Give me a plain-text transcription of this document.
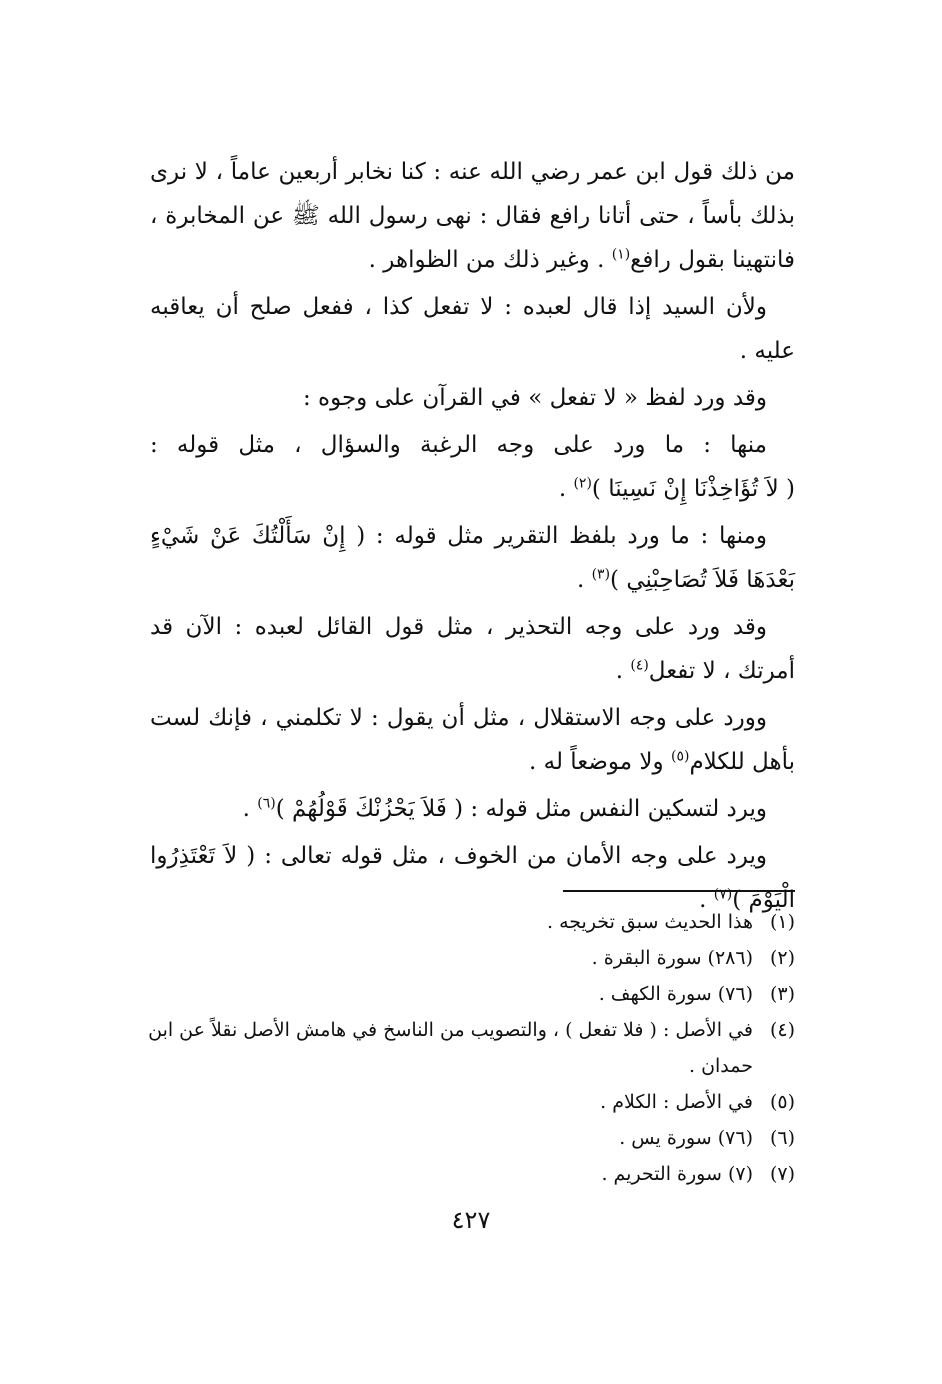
من ذلك قول ابن عمر رضي الله عنه : كنا نخابر أربعين عاماً ، لا نرى بذلك بأساً ، حتى أتانا رافع فقال : نهى رسول الله ﷺ عن المخابرة ، فانتهينا بقول رافع$^{(١)}$ . وغير ذلك من الظواهر .

ولأن السيد إذا قال لعبده : لا تفعل كذا ، ففعل صلح أن يعاقبه عليه .

وقد ورد لفظ « لا تفعل » في القرآن على وجوه :

منها : ما ورد على وجه الرغبة والسؤال ، مثل قوله : ( لاَ تُؤَاخِذْنَا إِنْ نَسِينَا )$^{(٢)}$ .

ومنها : ما ورد بلفظ التقرير مثل قوله : ( إِنْ سَأَلْتُكَ عَنْ شَيْءٍ بَعْدَهَا فَلاَ تُصَاحِبْنِي )$^{(٣)}$ .

وقد ورد على وجه التحذير ، مثل قول القائل لعبده : الآن قد أمرتك ، لا تفعل$^{(٤)}$ .

وورد على وجه الاستقلال ، مثل أن يقول : لا تكلمني ، فإنك لست بأهل للكلام$^{(٥)}$ ولا موضعاً له .

ويرد لتسكين النفس مثل قوله : ( فَلاَ يَحْزُنْكَ قَوْلُهُمْ )$^{(٦)}$ .

ويرد على وجه الأمان من الخوف ، مثل قوله تعالى : ( لاَ تَعْتَذِرُوا الْيَوْمَ )$^{(٧)}$ .

(١)
هذا الحديث سبق تخريجه .
(٢)
(٢٨٦) سورة البقرة .
(٣)
(٧٦) سورة الكهف .
(٤)
في الأصل : ( فلا تفعل ) ، والتصويب من الناسخ في هامش الأصل نقلاً عن ابن حمدان .
(٥)
في الأصل : الكلام .
(٦)
(٧٦) سورة يس .
(٧)
(٧) سورة التحريم .
٤٢٧
